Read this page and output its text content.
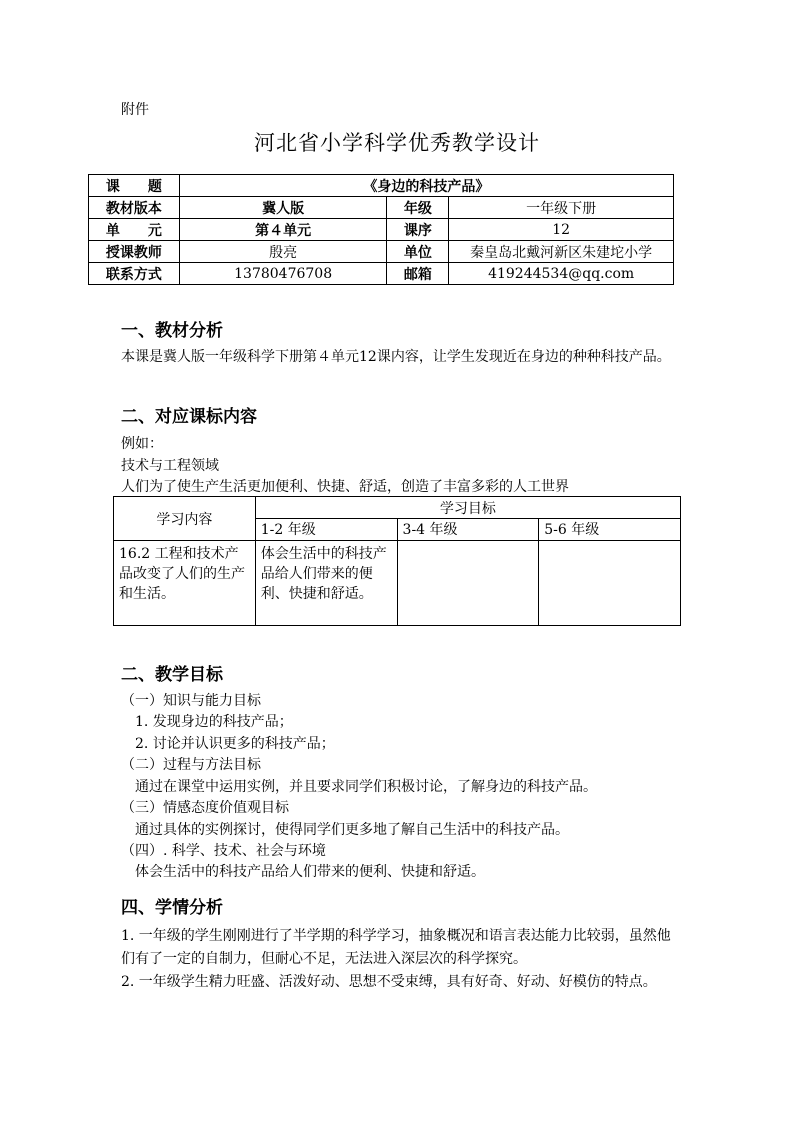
附件
河北省小学科学优秀教学设计
课　　题	《身边的科技产品》		
教材版本	冀人版	年级	一年级下册
单　　元	第４单元	课序	12
授课教师	殷亮	单位	秦皇岛北戴河新区朱建坨小学
联系方式	13780476708	邮箱	419244534@qq.com
一、教材分析
本课是冀人版一年级科学下册第４单元12课内容，让学生发现近在身边的种种科技产品。
二、对应课标内容
例如：
技术与工程领域
人们为了使生产生活更加便利、快捷、舒适，创造了丰富多彩的人工世界
学习内容	学习目标		
	1-2 年级	3-4 年级	5-6 年级
16.2 工程和技术产品改变了人们的生产和生活。	体会生活中的科技产品给人们带来的便利、快捷和舒适。		
二、教学目标
（一）知识与能力目标
1. 发现身边的科技产品；
2. 讨论并认识更多的科技产品；
（二）过程与方法目标
通过在课堂中运用实例，并且要求同学们积极讨论，了解身边的科技产品。
（三）情感态度价值观目标
通过具体的实例探讨，使得同学们更多地了解自己生活中的科技产品。
（四）. 科学、技术、社会与环境
体会生活中的科技产品给人们带来的便利、快捷和舒适。
四、学情分析
1. 一年级的学生刚刚进行了半学期的科学学习，抽象概况和语言表达能力比较弱，虽然他们有了一定的自制力，但耐心不足，无法进入深层次的科学探究。
2. 一年级学生精力旺盛、活泼好动、思想不受束缚，具有好奇、好动、好模仿的特点。
